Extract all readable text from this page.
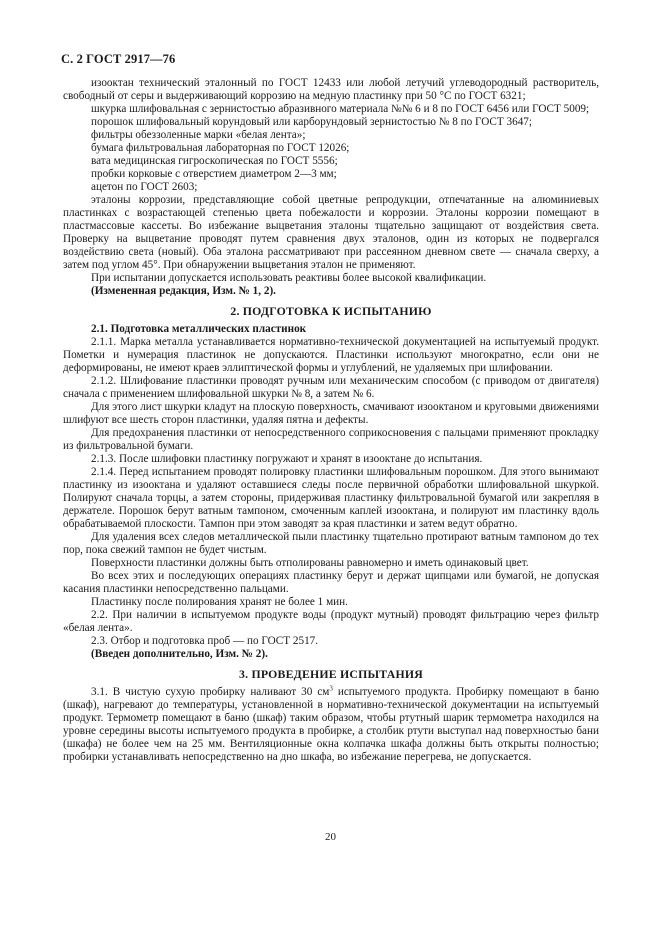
С. 2 ГОСТ 2917—76

изооктан технический эталонный по ГОСТ 12433 или любой летучий углеводородный растворитель, свободный от серы и выдерживающий коррозию на медную пластинку при 50 °С по ГОСТ 6321;

шкурка шлифовальная с зернистостью абразивного материала №№ 6 и 8 по ГОСТ 6456 или ГОСТ 5009;

порошок шлифовальный корундовый или карборундовый зернистостью № 8 по ГОСТ 3647;

фильтры обеззоленные марки «белая лента»;

бумага фильтровальная лабораторная по ГОСТ 12026;

вата медицинская гигроскопическая по ГОСТ 5556;

пробки корковые с отверстием диаметром 2—3 мм;

ацетон по ГОСТ 2603;

эталоны коррозии, представляющие собой цветные репродукции, отпечатанные на алюминиевых пластинках с возрастающей степенью цвета побежалости и коррозии. Эталоны коррозии помещают в пластмассовые кассеты. Во избежание выцветания эталоны тщательно защищают от воздействия света. Проверку на выцветание проводят путем сравнения двух эталонов, один из которых не подвергался воздействию света (новый). Оба эталона рассматривают при рассеянном дневном свете — сначала сверху, а затем под углом 45°. При обнаружении выцветания эталон не применяют.

При испытании допускается использовать реактивы более высокой квалификации.

(Измененная редакция, Изм. № 1, 2).

2. ПОДГОТОВКА К ИСПЫТАНИЮ

2.1. Подготовка металлических пластинок

2.1.1. Марка металла устанавливается нормативно-технической документацией на испытуемый продукт. Пометки и нумерация пластинок не допускаются. Пластинки используют многократно, если они не деформированы, не имеют краев эллиптической формы и углублений, не удаляемых при шлифовании.

2.1.2. Шлифование пластинки проводят ручным или механическим способом (с приводом от двигателя) сначала с применением шлифовальной шкурки № 8, а затем № 6.

Для этого лист шкурки кладут на плоскую поверхность, смачивают изооктаном и круговыми движениями шлифуют все шесть сторон пластинки, удаляя пятна и дефекты.

Для предохранения пластинки от непосредственного соприкосновения с пальцами применяют прокладку из фильтровальной бумаги.

2.1.3. После шлифовки пластинку погружают и хранят в изооктане до испытания.

2.1.4. Перед испытанием проводят полировку пластинки шлифовальным порошком. Для этого вынимают пластинку из изооктана и удаляют оставшиеся следы после первичной обработки шлифовальной шкуркой. Полируют сначала торцы, а затем стороны, придерживая пластинку фильтровальной бумагой или закрепляя в держателе. Порошок берут ватным тампоном, смоченным каплей изооктана, и полируют им пластинку вдоль обрабатываемой плоскости. Тампон при этом заводят за края пластинки и затем ведут обратно.

Для удаления всех следов металлической пыли пластинку тщательно протирают ватным тампоном до тех пор, пока свежий тампон не будет чистым.

Поверхности пластинки должны быть отполированы равномерно и иметь одинаковый цвет.

Во всех этих и последующих операциях пластинку берут и держат щипцами или бумагой, не допуская касания пластинки непосредственно пальцами.

Пластинку после полирования хранят не более 1 мин.

2.2. При наличии в испытуемом продукте воды (продукт мутный) проводят фильтрацию через фильтр «белая лента».

2.3. Отбор и подготовка проб — по ГОСТ 2517.

(Введен дополнительно, Изм. № 2).

3. ПРОВЕДЕНИЕ ИСПЫТАНИЯ

3.1. В чистую сухую пробирку наливают 30 $см^3$ испытуемого продукта. Пробирку помещают в баню (шкаф), нагревают до температуры, установленной в нормативно-технической документации на испытуемый продукт. Термометр помещают в баню (шкаф) таким образом, чтобы ртутный шарик термометра находился на уровне середины высоты испытуемого продукта в пробирке, а столбик ртути выступал над поверхностью бани (шкафа) не более чем на 25 мм. Вентиляционные окна колпачка шкафа должны быть открыты полностью; пробирки устанавливать непосредственно на дно шкафа, во избежание перегрева, не допускается.

20
